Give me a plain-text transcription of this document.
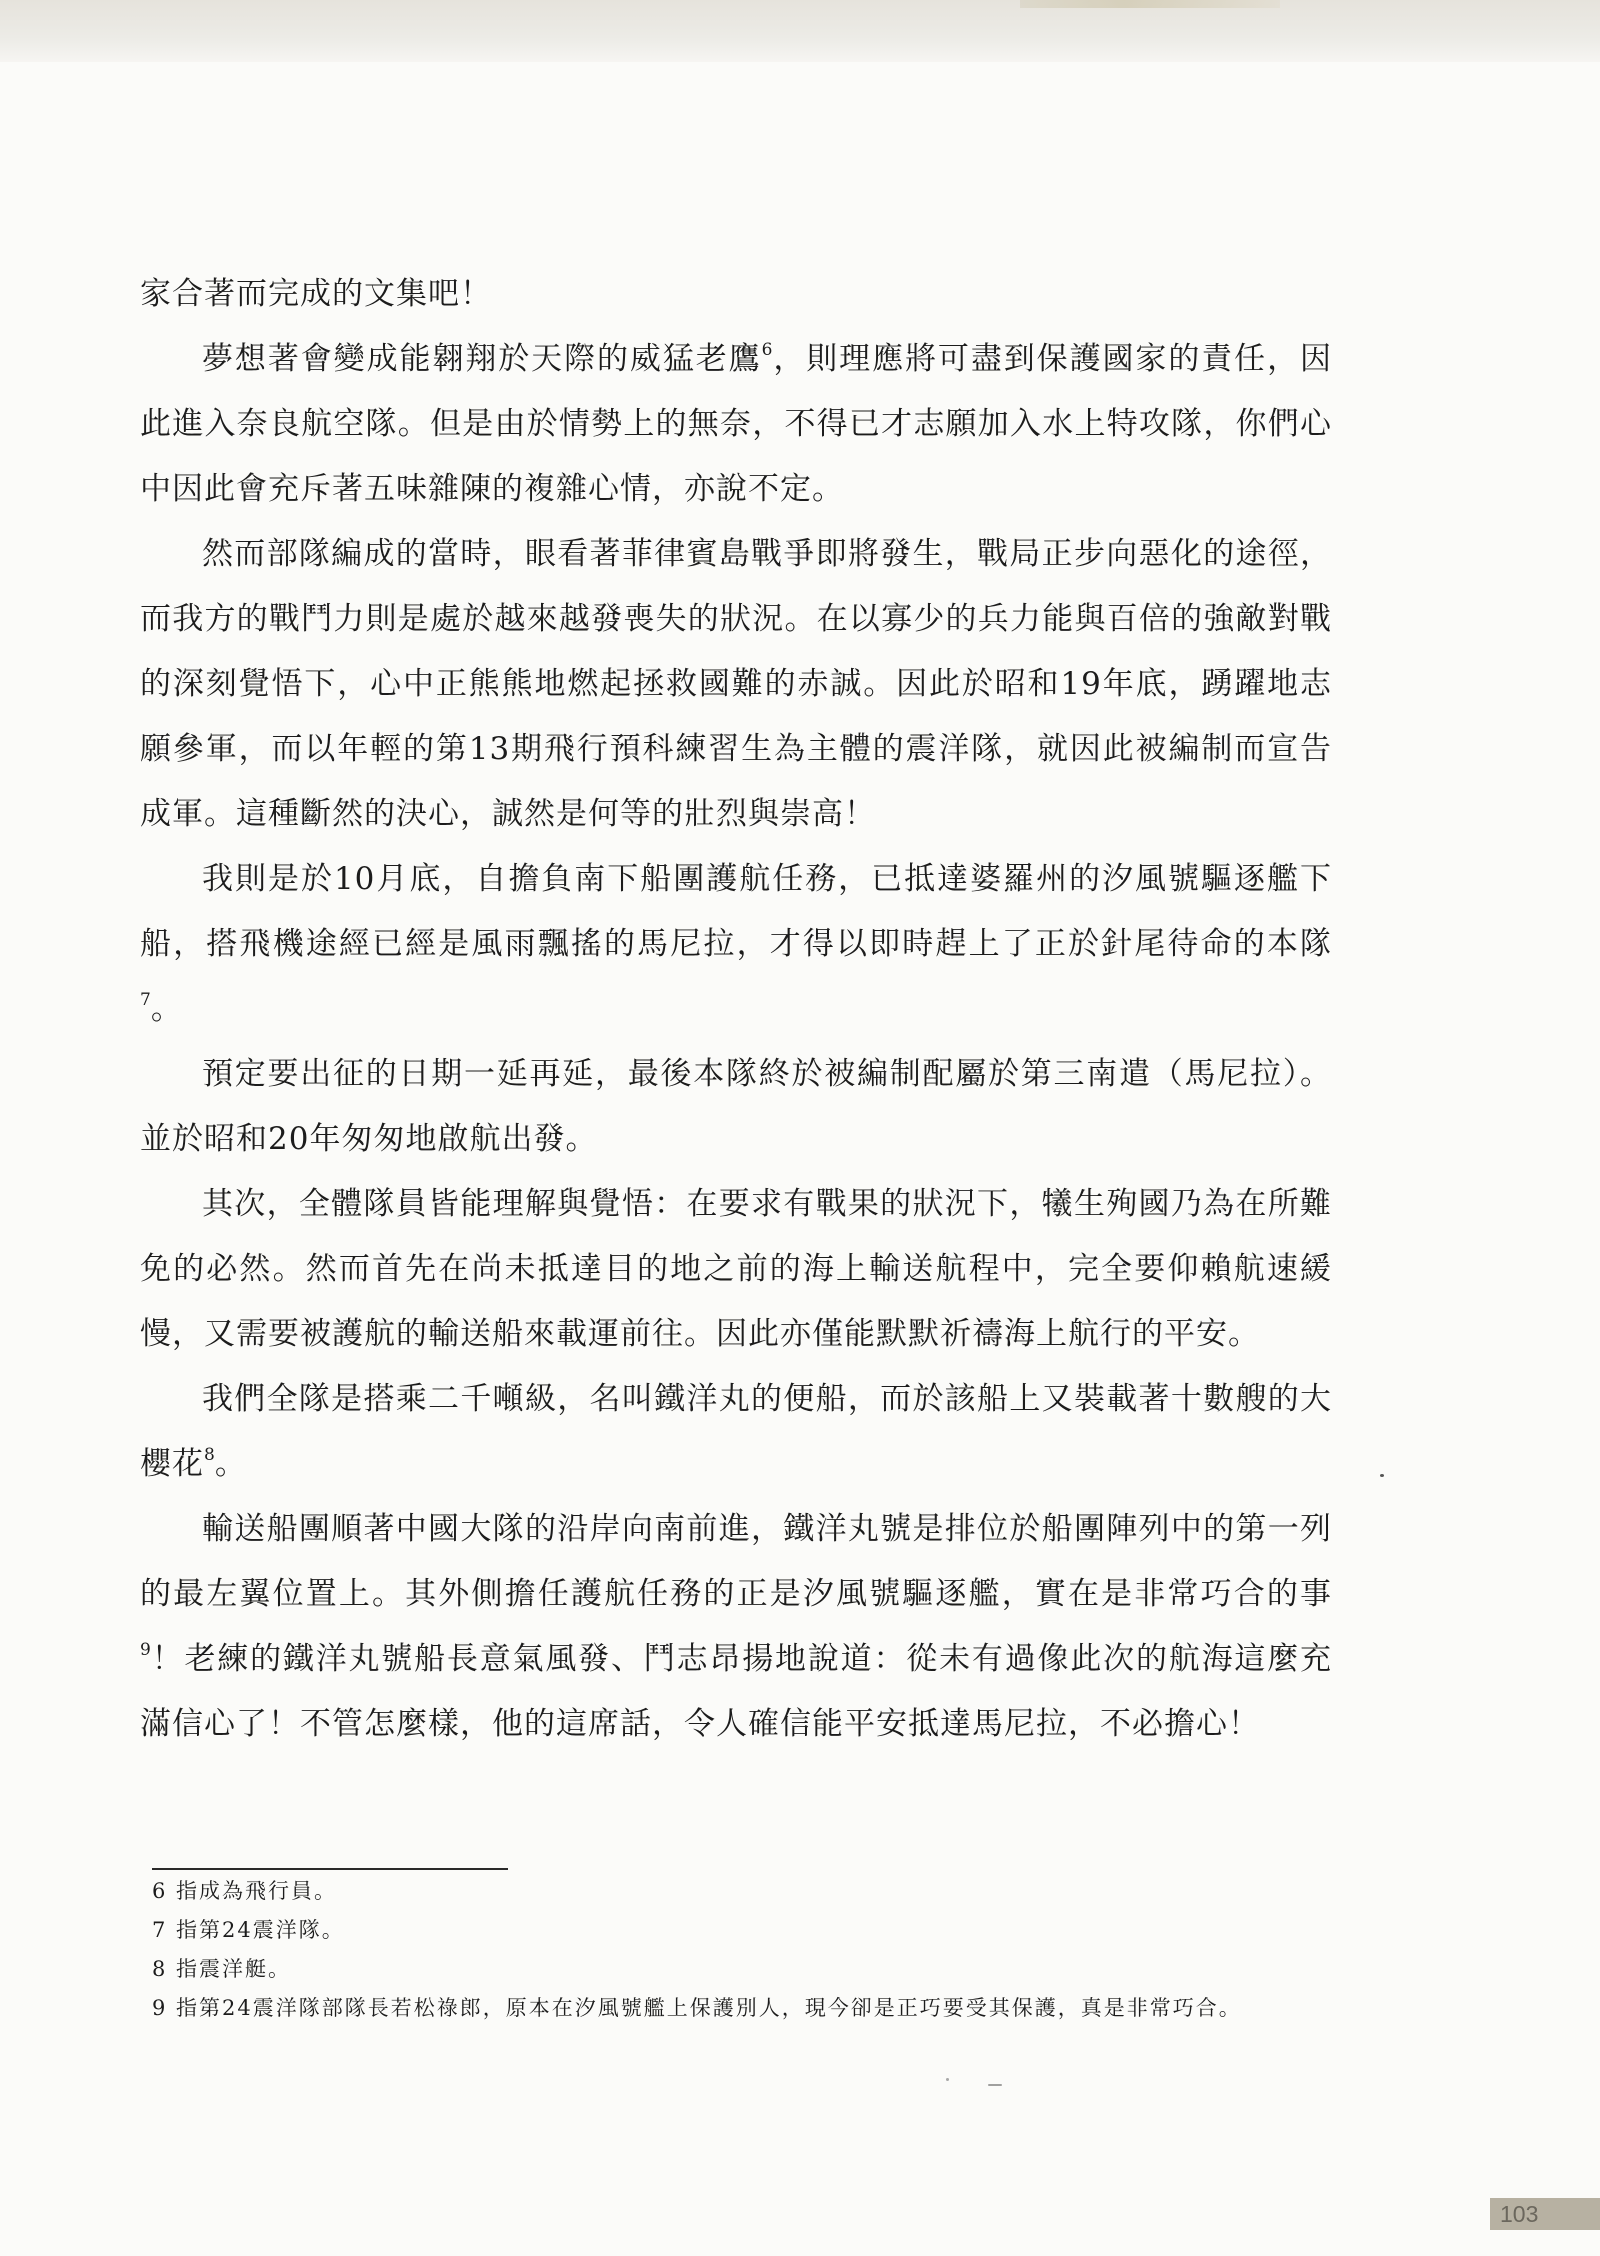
家合著而完成的文集吧！

夢想著會變成能翱翔於天際的威猛老鷹$^6$，則理應將可盡到保護國家的責任，因此進入奈良航空隊。但是由於情勢上的無奈，不得已才志願加入水上特攻隊，你們心中因此會充斥著五味雜陳的複雜心情，亦說不定。

然而部隊編成的當時，眼看著菲律賓島戰爭即將發生，戰局正步向惡化的途徑，而我方的戰鬥力則是處於越來越發喪失的狀況。在以寡少的兵力能與百倍的強敵對戰的深刻覺悟下，心中正熊熊地燃起拯救國難的赤誠。因此於昭和19年底，踴躍地志願參軍，而以年輕的第13期飛行預科練習生為主體的震洋隊，就因此被編制而宣告成軍。這種斷然的決心，誠然是何等的壯烈與崇高！

我則是於10月底，自擔負南下船團護航任務，已抵達婆羅州的汐風號驅逐艦下船，搭飛機途經已經是風雨飄搖的馬尼拉，才得以即時趕上了正於針尾待命的本隊$^7$。

預定要出征的日期一延再延，最後本隊終於被編制配屬於第三南遣（馬尼拉）。並於昭和20年匆匆地啟航出發。

其次，全體隊員皆能理解與覺悟：在要求有戰果的狀況下，犧生殉國乃為在所難免的必然。然而首先在尚未抵達目的地之前的海上輸送航程中，完全要仰賴航速緩慢，又需要被護航的輸送船來載運前往。因此亦僅能默默祈禱海上航行的平安。

我們全隊是搭乘二千噸級，名叫鐵洋丸的便船，而於該船上又裝載著十數艘的大櫻花$^8$。

輸送船團順著中國大隊的沿岸向南前進，鐵洋丸號是排位於船團陣列中的第一列的最左翼位置上。其外側擔任護航任務的正是汐風號驅逐艦，實在是非常巧合的事$^9$！老練的鐵洋丸號船長意氣風發、鬥志昂揚地說道：從未有過像此次的航海這麼充滿信心了！不管怎麼樣，他的這席話，令人確信能平安抵達馬尼拉，不必擔心！

6 指成為飛行員。
7 指第24震洋隊。
8 指震洋艇。
9 指第24震洋隊部隊長若松祿郎，原本在汐風號艦上保護別人，現今卻是正巧要受其保護，真是非常巧合。
103
